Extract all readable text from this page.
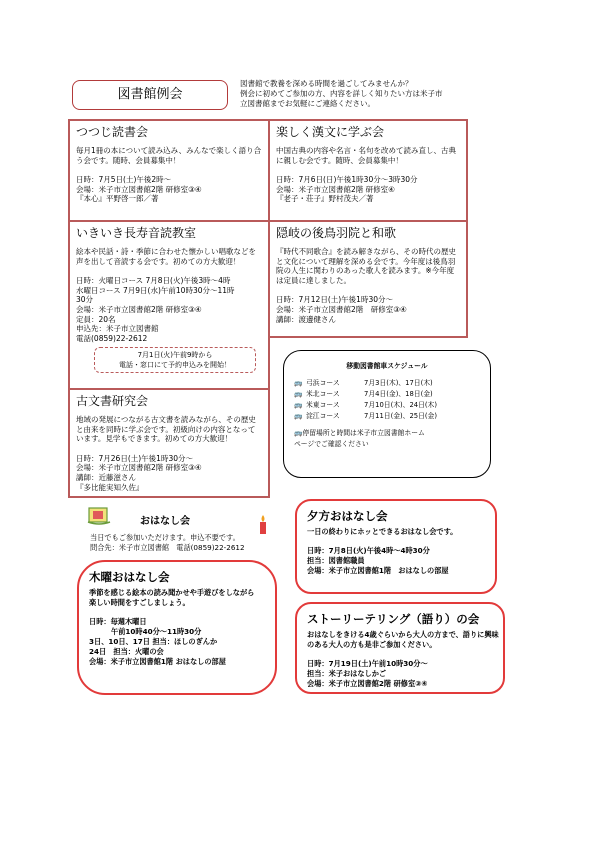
図書館例会
図書館で教養を深める時間を過ごしてみませんか？
例会に初めてご参加の方、内容を詳しく知りたい方は米子市
立図書館までお気軽にご連絡ください。
つつじ読書会
毎月1冊の本について読み込み、みんなで楽しく語り合う会です。随時、会員募集中！
日時：7月5日(土)午後2時～
会場：米子市立図書館2階 研修室③④
『本心』平野啓一郎／著
楽しく漢文に学ぶ会
中国古典の内容や名言・名句を改めて読み直し、古典に親しむ会です。随時、会員募集中！
日時：7月6日(日)午後1時30分～3時30分
会場：米子市立図書館2階 研修室④
『老子・荘子』野村茂夫／著
いきいき長寿音読教室
絵本や民話・詩・季節に合わせた懐かしい唱歌などを声を出して音読する会です。初めての方大歓迎！
日時：火曜日コース 7月8日(火)午後3時～4時
水曜日コース 7月9日(水)午前10時30分～11時
30分
会場：米子市立図書館2階 研修室③④
定員：20名
申込先：米子市立図書館
電話(0859)22-2612
7月1日(火)午前9時から
電話・窓口にて予約申込みを開始！
隠岐の後鳥羽院と和歌
『時代不同歌合』を読み解きながら、その時代の歴史と文化について理解を深める会です。今年度は後鳥羽院の人生に関わりのあった歌人を読みます。※今年度は定員に達しました。
日時：7月12日(土)午後1時30分～
会場：米子市立図書館2階　研修室③④
講師：渡邊健さん
古文書研究会
地域の発展につながる古文書を読みながら、その歴史と由来を同時に学ぶ会です。初級向けの内容となっています。見学もできます。初めての方大歓迎！
日時：7月26日(土)午後1時30分～
会場：米子市立図書館2階 研修室③④
講師：近藤滋さん
『多比能実知久佐』
移動図書館車スケジュール
🚌 弓浜コース	7月3日(木)、17日(木)
🚌 米北コース	7月4日(金)、18日(金)
🚌 米東コース	7月10日(木)、24日(木)
🚌 淀江コース	7月11日(金)、25日(金)
🚌停留場所と時間は米子市立図書館ホーム
ページでご確認ください
おはなし会
当日でもご参加いただけます。申込不要です。
問合先：米子市立図書館　電話(0859)22-2612
木曜おはなし会
季節を感じる絵本の読み聞かせや手遊びをしながら
楽しい時間をすごしましょう。
日時：毎週木曜日
午前10時40分～11時30分
3日、10日、17日 担当：ほしのぎんか
24日　担当：火曜の会
会場：米子市立図書館1階 おはなしの部屋
夕方おはなし会
一日の終わりにホッとできるおはなし会です。
日時：7月8日(火)午後4時～4時30分
担当：図書館職員
会場：米子市立図書館1階　おはなしの部屋
ストーリーテリング（語り）の会
おはなしをきける4歳ぐらいから大人の方まで、語りに興味
のある大人の方も是非ご参加ください。
日時：7月19日(土)午前10時30分～
担当：米子おはなしかご
会場：米子市立図書館2階 研修室③④
